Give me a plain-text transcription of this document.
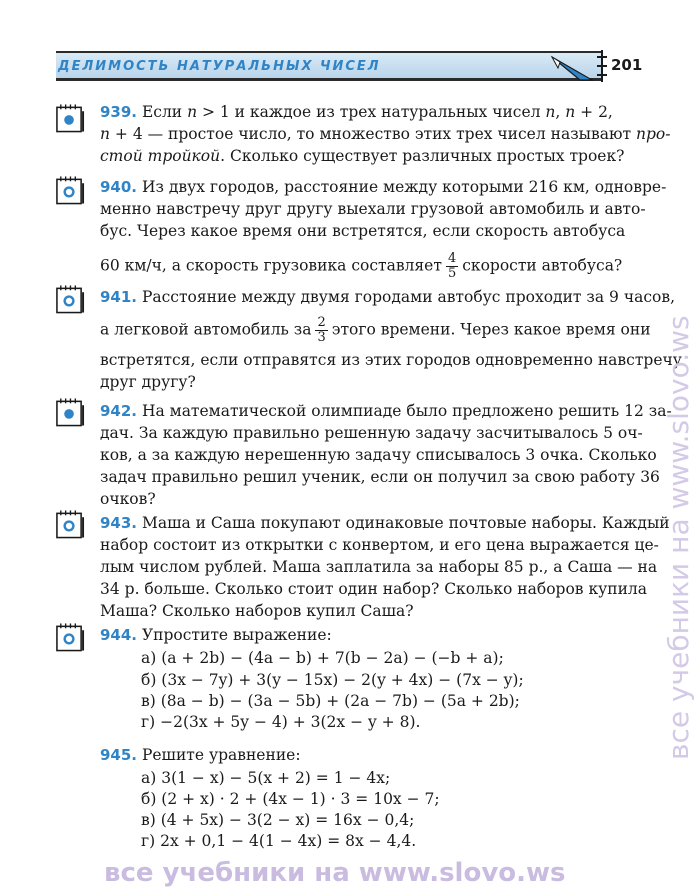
ДЕЛИМОСТЬ НАТУРАЛЬНЫХ ЧИСЕЛ	201
939. Если n > 1 и каждое из трех натуральных чисел n, n + 2,
n + 4 — простое число, то множество этих трех чисел называют про-
стой тройкой. Сколько существует различных простых троек?
940. Из двух городов, расстояние между которыми 216 км, одновре-
менно навстречу друг другу выехали грузовой автомобиль и авто-
бус. Через какое время они встретятся, если скорость автобуса
60 км/ч, а скорость грузовика составляет $\frac{4}{5}$ скорости автобуса?
941. Расстояние между двумя городами автобус проходит за 9 часов,
а легковой автомобиль за $\frac{2}{3}$ этого времени. Через какое время они
встретятся, если отправятся из этих городов одновременно навстречу
друг другу?
942. На математической олимпиаде было предложено решить 12 за-
дач. За каждую правильно решенную задачу засчитывалось 5 оч-
ков, а за каждую нерешенную задачу списывалось 3 очка. Сколько
задач правильно решил ученик, если он получил за свою работу 36
очков?
943. Маша и Саша покупают одинаковые почтовые наборы. Каждый
набор состоит из открытки с конвертом, и его цена выражается це-
лым числом рублей. Маша заплатила за наборы 85 р., а Саша — на
34 р. больше. Сколько стоит один набор? Сколько наборов купила
Маша? Сколько наборов купил Саша?
944. Упростите выражение:
а) (a + 2b) − (4a − b) + 7(b − 2a) − (−b + a);
б) (3x − 7y) + 3(y − 15x) − 2(y + 4x) − (7x − y);
в) (8a − b) − (3a − 5b) + (2a − 7b) − (5a + 2b);
г) −2(3x + 5y − 4) + 3(2x − y + 8).
945. Решите уравнение:
а) 3(1 − x) − 5(x + 2) = 1 − 4x;
б) (2 + x) · 2 + (4x − 1) · 3 = 10x − 7;
в) (4 + 5x) − 3(2 − x) = 16x − 0,4;
г) 2x + 0,1 − 4(1 − 4x) = 8x − 4,4.
все учебники на www.slovo.ws
все учебники на www.slovo.ws
